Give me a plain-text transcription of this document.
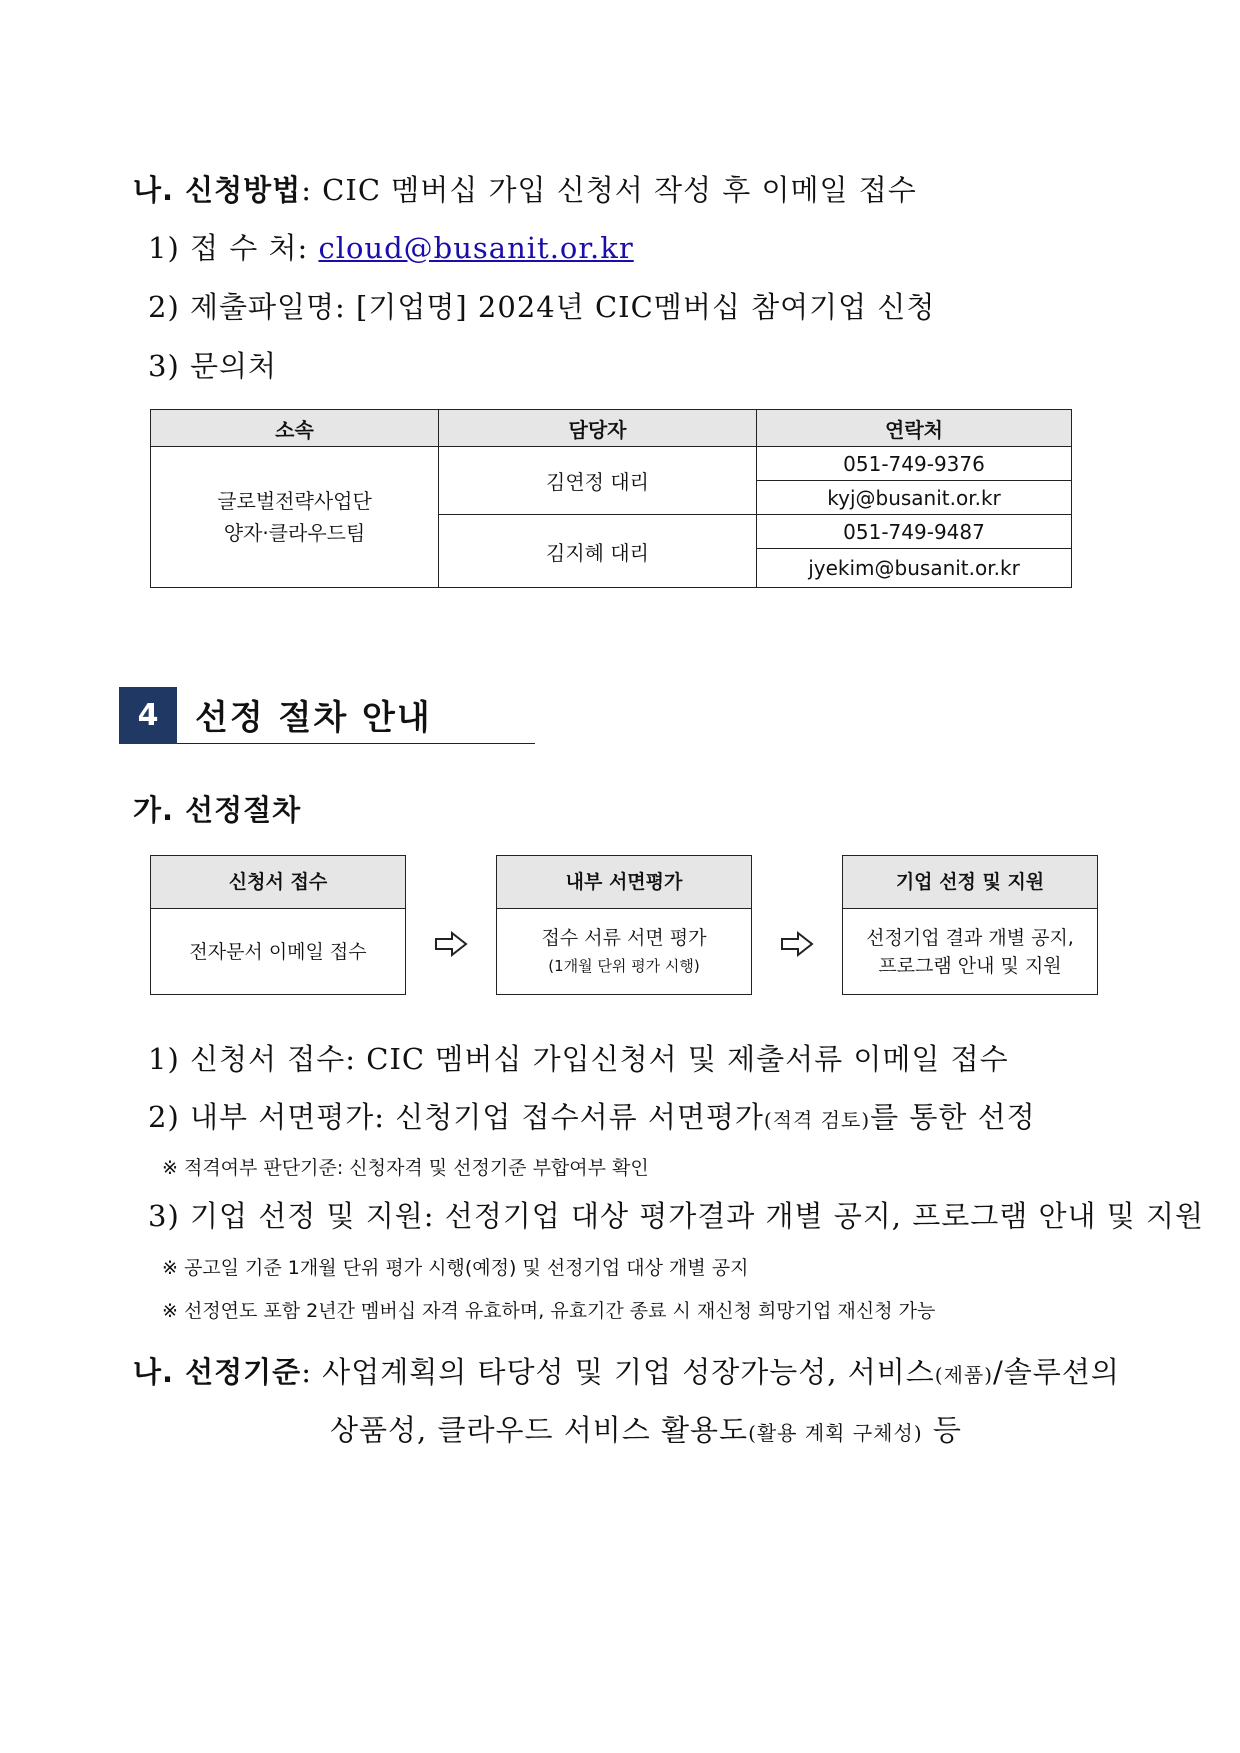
나. 신청방법: CIC 멤버십 가입 신청서 작성 후 이메일 접수
1) 접 수 처: cloud@busanit.or.kr
2) 제출파일명: [기업명] 2024년 CIC멤버십 참여기업 신청
3) 문의처
소속	담당자	연락처
글로벌전략사업단
양자·클라우드팀	김연정 대리	051-749-9376
		kyj@busanit.or.kr
	김지혜 대리	051-749-9487
		jyekim@busanit.or.kr
4	선정 절차 안내
가. 선정절차
신청서 접수
전자문서 이메일 접수
내부 서면평가
접수 서류 서면 평가
(1개월 단위 평가 시행)
기업 선정 및 지원
선정기업 결과 개별 공지,
프로그램 안내 및 지원
1) 신청서 접수: CIC 멤버십 가입신청서 및 제출서류 이메일 접수
2) 내부 서면평가: 신청기업 접수서류 서면평가(적격 검토)를 통한 선정
※ 적격여부 판단기준: 신청자격 및 선정기준 부합여부 확인
3) 기업 선정 및 지원: 선정기업 대상 평가결과 개별 공지, 프로그램 안내 및 지원
※ 공고일 기준 1개월 단위 평가 시행(예정) 및 선정기업 대상 개별 공지
※ 선정연도 포함 2년간 멤버십 자격 유효하며, 유효기간 종료 시 재신청 희망기업 재신청 가능
나. 선정기준: 사업계획의 타당성 및 기업 성장가능성, 서비스(제품)/솔루션의
상품성, 클라우드 서비스 활용도(활용 계획 구체성) 등
